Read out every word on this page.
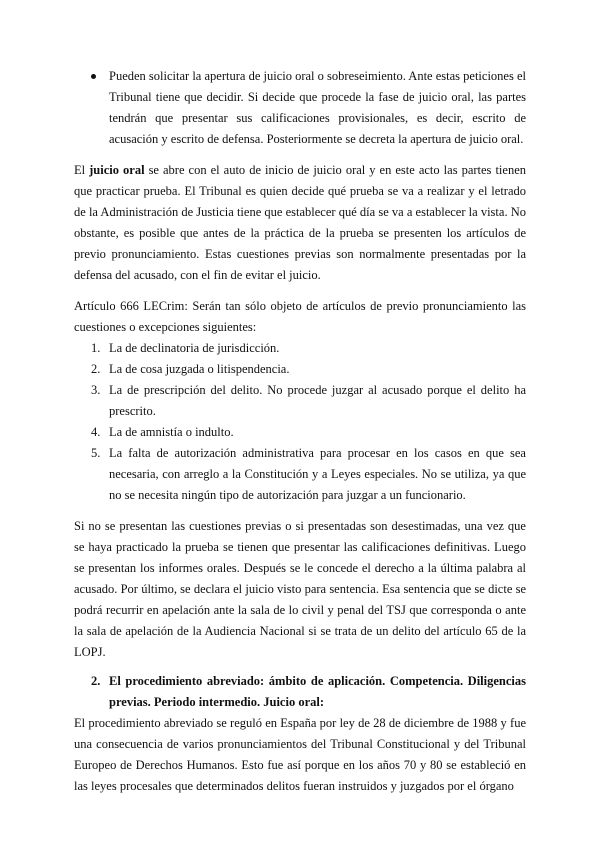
Pueden solicitar la apertura de juicio oral o sobreseimiento. Ante estas peticiones el Tribunal tiene que decidir. Si decide que procede la fase de juicio oral, las partes tendrán que presentar sus calificaciones provisionales, es decir, escrito de acusación y escrito de defensa. Posteriormente se decreta la apertura de juicio oral.

El juicio oral se abre con el auto de inicio de juicio oral y en este acto las partes tienen que practicar prueba. El Tribunal es quien decide qué prueba se va a realizar y el letrado de la Administración de Justicia tiene que establecer qué día se va a establecer la vista. No obstante, es posible que antes de la práctica de la prueba se presenten los artículos de previo pronunciamiento. Estas cuestiones previas son normalmente presentadas por la defensa del acusado, con el fin de evitar el juicio.

Artículo 666 LECrim: Serán tan sólo objeto de artículos de previo pronunciamiento las cuestiones o excepciones siguientes:

1. La de declinatoria de jurisdicción.
2. La de cosa juzgada o litispendencia.
3. La de prescripción del delito. No procede juzgar al acusado porque el delito ha prescrito.
4. La de amnistía o indulto.
5. La falta de autorización administrativa para procesar en los casos en que sea necesaria, con arreglo a la Constitución y a Leyes especiales. No se utiliza, ya que no se necesita ningún tipo de autorización para juzgar a un funcionario.

Si no se presentan las cuestiones previas o si presentadas son desestimadas, una vez que se haya practicado la prueba se tienen que presentar las calificaciones definitivas. Luego se presentan los informes orales. Después se le concede el derecho a la última palabra al acusado. Por último, se declara el juicio visto para sentencia. Esa sentencia que se dicte se podrá recurrir en apelación ante la sala de lo civil y penal del TSJ que corresponda o ante la sala de apelación de la Audiencia Nacional si se trata de un delito del artículo 65 de la LOPJ.

2. El procedimiento abreviado: ámbito de aplicación. Competencia. Diligencias previas. Periodo intermedio. Juicio oral:

El procedimiento abreviado se reguló en España por ley de 28 de diciembre de 1988 y fue una consecuencia de varios pronunciamientos del Tribunal Constitucional y del Tribunal Europeo de Derechos Humanos. Esto fue así porque en los años 70 y 80 se estableció en las leyes procesales que determinados delitos fueran instruidos y juzgados por el órgano
